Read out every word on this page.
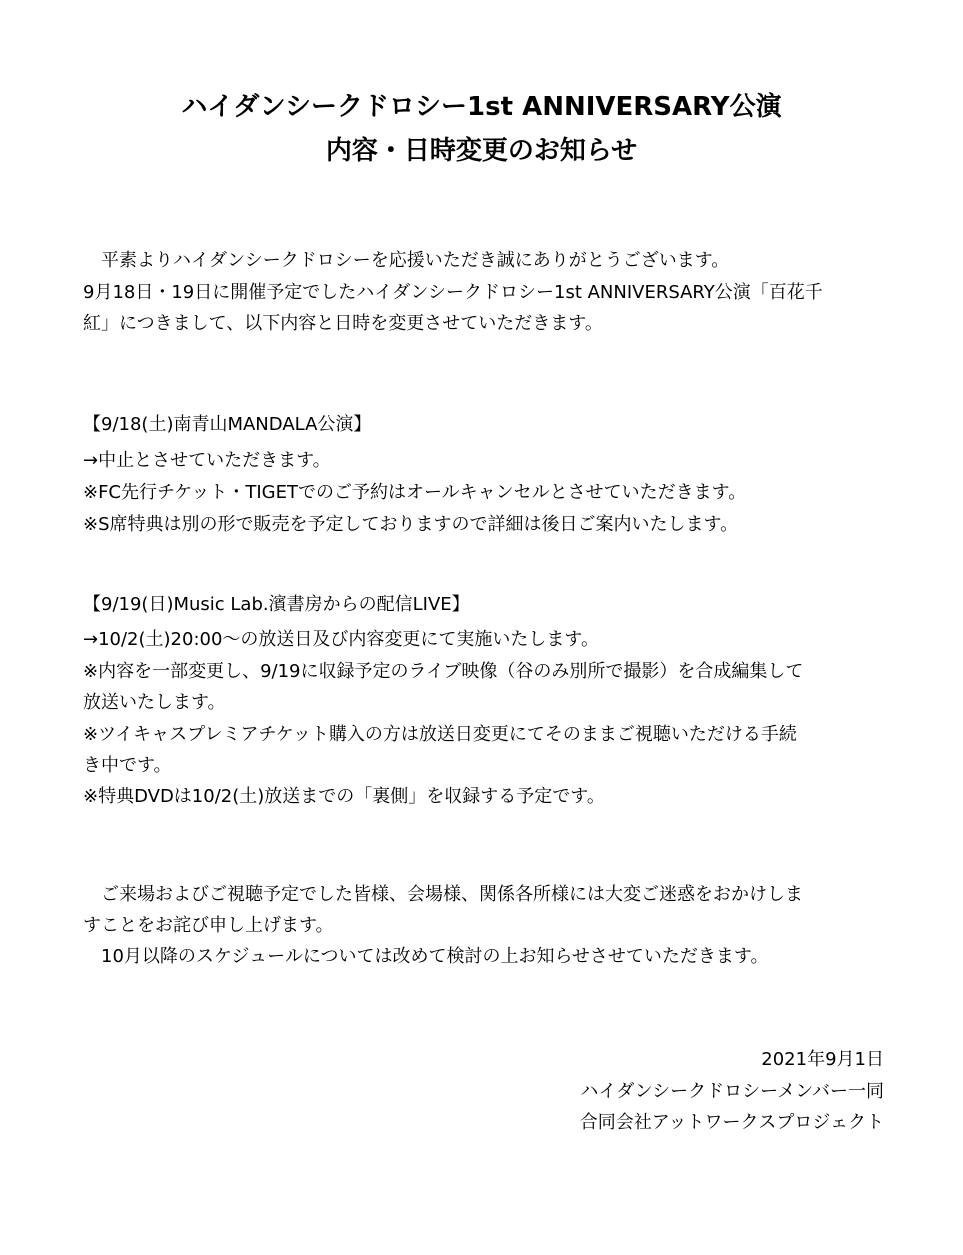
ハイダンシークドロシー1st ANNIVERSARY公演
内容・日時変更のお知らせ
平素よりハイダンシークドロシーを応援いただき誠にありがとうございます。
9月18日・19日に開催予定でしたハイダンシークドロシー1st ANNIVERSARY公演「百花千
紅」につきまして、以下内容と日時を変更させていただきます。
【9/18(土)南青山MANDALA公演】
→中止とさせていただきます。
※FC先行チケット・TIGETでのご予約はオールキャンセルとさせていただきます。
※S席特典は別の形で販売を予定しておりますので詳細は後日ご案内いたします。
【9/19(日)Music Lab.濱書房からの配信LIVE】
→10/2(土)20:00～の放送日及び内容変更にて実施いたします。
※内容を一部変更し、9/19に収録予定のライブ映像（谷のみ別所で撮影）を合成編集して
放送いたします。
※ツイキャスプレミアチケット購入の方は放送日変更にてそのままご視聴いただける手続
き中です。
※特典DVDは10/2(土)放送までの「裏側」を収録する予定です。
ご来場およびご視聴予定でした皆様、会場様、関係各所様には大変ご迷惑をおかけしま
すことをお詫び申し上げます。
10月以降のスケジュールについては改めて検討の上お知らせさせていただきます。
2021年9月1日
ハイダンシークドロシーメンバー一同
合同会社アットワークスプロジェクト
